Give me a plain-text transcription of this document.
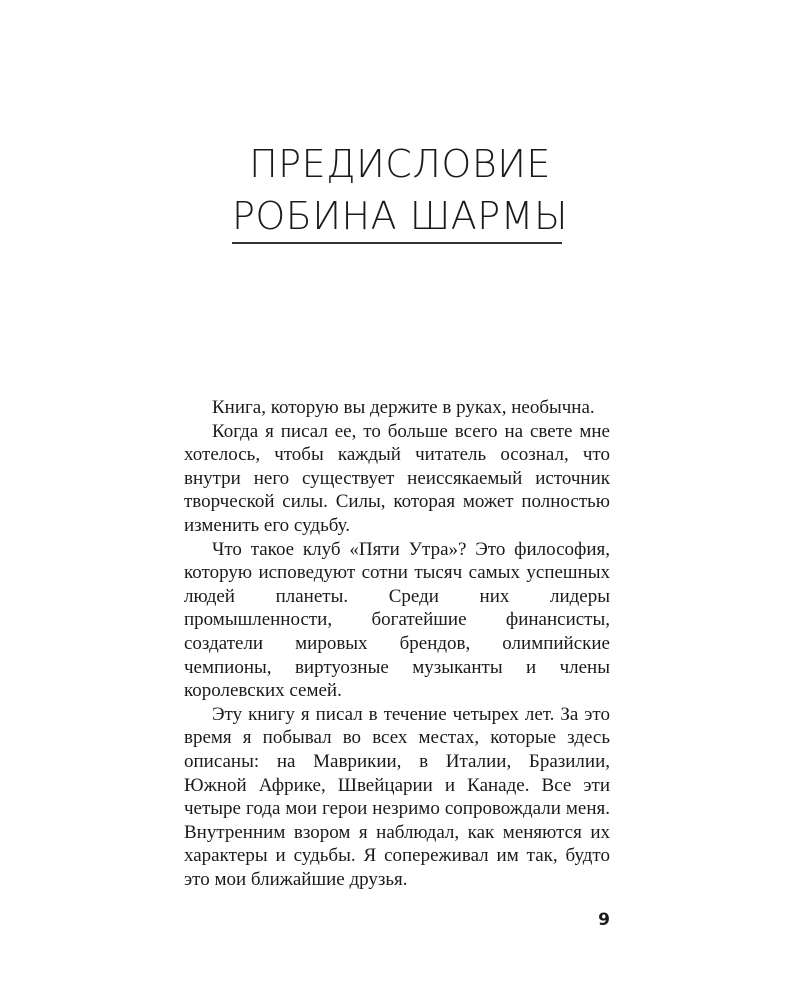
ПРЕДИСЛОВИЕ
РОБИНА ШАРМЫ

Книга, которую вы держите в руках, необычна.

Когда я писал ее, то больше всего на свете мне хотелось, чтобы каждый читатель осознал, что внутри него существует неиссякаемый источник творческой силы. Силы, которая может полностью изменить его судьбу.

Что такое клуб «Пяти Утра»? Это философия, которую исповедуют сотни тысяч самых успешных людей планеты. Среди них лидеры промышленности, богатейшие финансисты, создатели мировых брендов, олимпийские чемпионы, виртуозные музыканты и члены королевских семей.

Эту книгу я писал в течение четырех лет. За это время я побывал во всех местах, которые здесь описаны: на Маврикии, в Италии, Бразилии, Южной Африке, Швейцарии и Канаде. Все эти четыре года мои герои незримо сопровождали меня. Внутренним взором я наблюдал, как меняются их характеры и судьбы. Я сопереживал им так, будто это мои ближайшие друзья.

9
